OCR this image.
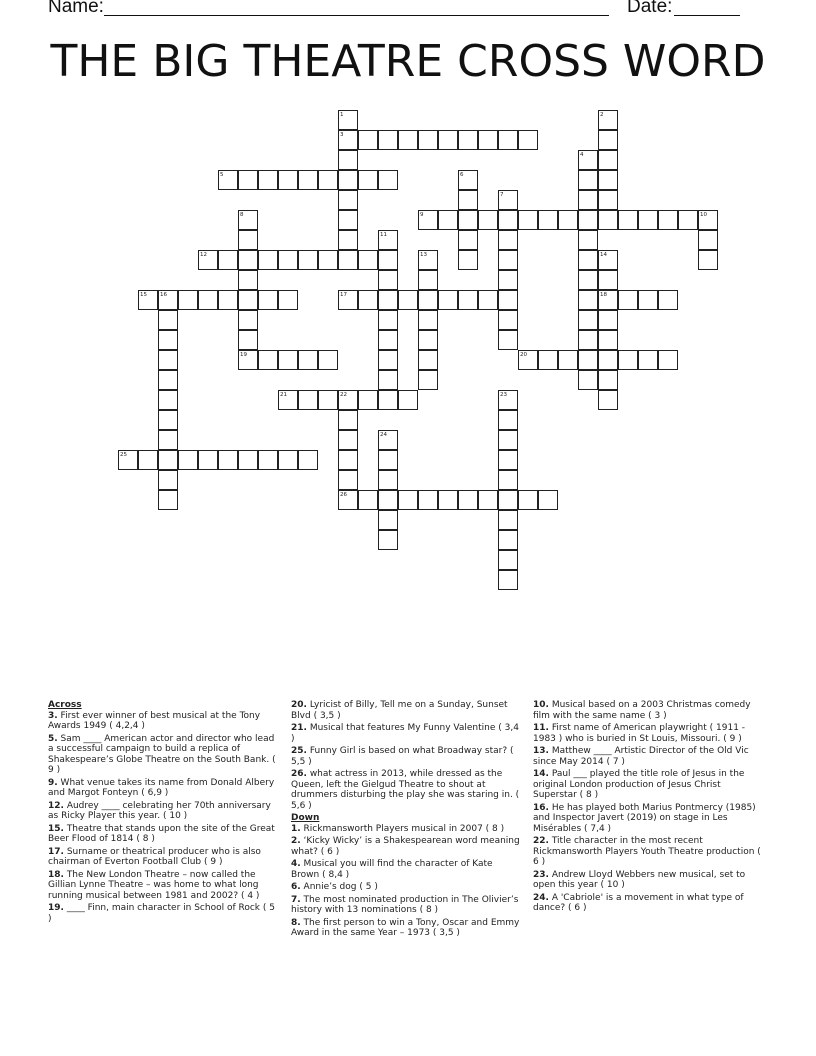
Name:	Date:
THE BIG THEATRE CROSS WORD
1
3
2
4
5	6
7
8
19
9	10
11
12	13	14
18
15 16	17
20
21	22
26
23
24
25
Across
3. First ever winner of best musical at the Tony Awards 1949 ( 4,2,4 )
5. Sam ____ American actor and director who lead a successful campaign to build a replica of Shakespeare’s Globe Theatre on the South Bank. ( 9 )
9. What venue takes its name from Donald Albery and Margot Fonteyn ( 6,9 )
12. Audrey ____ celebrating her 70th anniversary as Ricky Player this year. ( 10 )
15. Theatre that stands upon the site of the Great Beer Flood of 1814 ( 8 )
17. Surname or theatrical producer who is also chairman of Everton Football Club ( 9 )
18. The New London Theatre – now called the Gillian Lynne Theatre – was home to what long running musical between 1981 and 2002? ( 4 )
19. ____ Finn, main character in School of Rock ( 5 )
20. Lyricist of Billy, Tell me on a Sunday, Sunset Blvd ( 3,5 )
21. Musical that features My Funny Valentine ( 3,4 )
25. Funny Girl is based on what Broadway star? ( 5,5 )
26. what actress in 2013, while dressed as the Queen, left the Gielgud Theatre to shout at drummers disturbing the play she was staring in. ( 5,6 )
Down
1. Rickmansworth Players musical in 2007 ( 8 )
2. ‘Kicky Wicky’ is a Shakespearean word meaning what? ( 6 )
4. Musical you will find the character of Kate Brown ( 8,4 )
6. Annie’s dog ( 5 )
7. The most nominated production in The Olivier’s history with 13 nominations ( 8 )
8. The first person to win a Tony, Oscar and Emmy Award in the same Year – 1973 ( 3,5 )
10. Musical based on a 2003 Christmas comedy film with the same name ( 3 )
11. First name of American playwright ( 1911 - 1983 ) who is buried in St Louis, Missouri. ( 9 )
13. Matthew ____ Artistic Director of the Old Vic since May 2014 ( 7 )
14. Paul ___ played the title role of Jesus in the original London production of Jesus Christ Superstar ( 8 )
16. He has played both Marius Pontmercy (1985) and Inspector Javert (2019) on stage in Les Misérables ( 7,4 )
22. Title character in the most recent Rickmansworth Players Youth Theatre production ( 6 )
23. Andrew Lloyd Webbers new musical, set to open this year ( 10 )
24. A 'Cabriole' is a movement in what type of dance? ( 6 )
